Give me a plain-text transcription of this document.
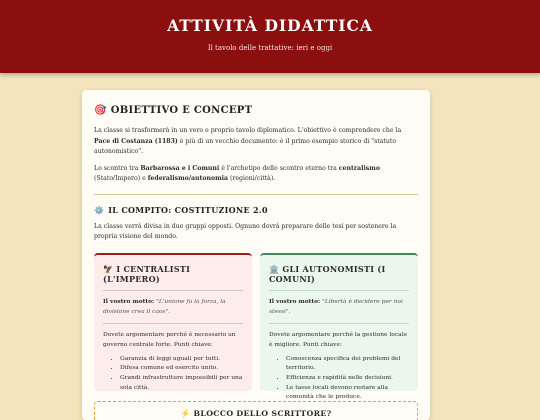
ATTIVITÀ DIDATTICA
Il tavolo delle trattative: ieri e oggi
🎯 OBIETTIVO E CONCEPT

La classe si trasformerà in un vero e proprio tavolo diplomatico. L'obiettivo è comprendere che la Pace di Costanza (1183) è più di un vecchio documento: è il primo esempio storico di "statuto autonomistico".

Lo scontro tra Barbarossa e i Comuni è l'archetipo dello scontro eterno tra centralismo (Stato/Impero) e federalismo/autonomia (regioni/città).

⚙️ IL COMPITO: COSTITUZIONE 2.0

La classe verrà divisa in due gruppi opposti. Ognuno dovrà preparare delle tesi per sostenere la propria visione del mondo.

🦅 I CENTRALISTI (L'IMPERO)

Il vostro motto: "L'unione fa la forza, la divisione crea il caos".

Dovete argomentare perché è necessario un governo centrale forte. Punti chiave:

• Garanzia di leggi uguali per tutti.
• Difesa comune ed esercito unito.
• Grandi infrastrutture impossibili per una sola città.
🏛️ GLI AUTONOMISTI (I COMUNI)

Il vostro motto: "Libertà è decidere per noi stessi".

Dovete argomentare perché la gestione locale è migliore. Punti chiave:

• Conoscenza specifica dei problemi del territorio.
• Efficienza e rapidità nelle decisioni.
• Le tasse locali devono restare alla comunità che le produce.
⚡ BLOCCO DELLO SCRITTORE?
